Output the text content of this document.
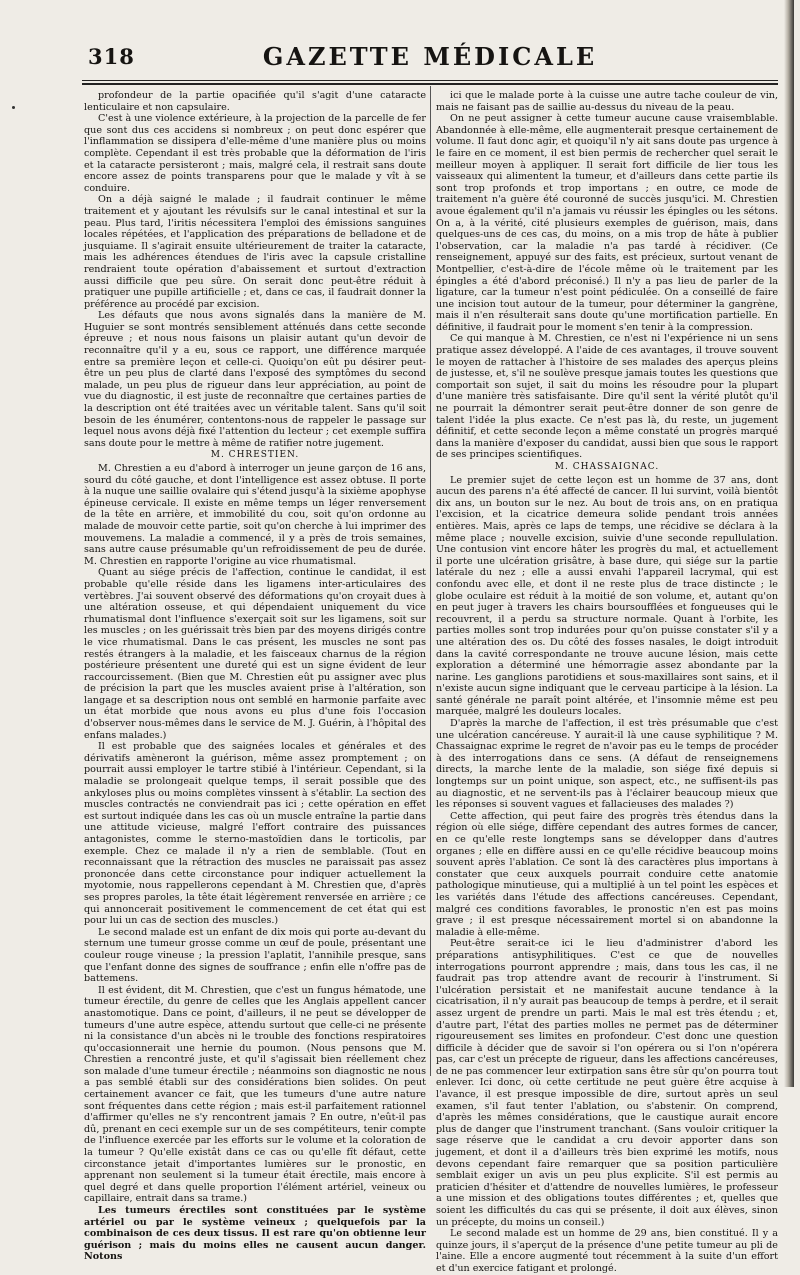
318	GAZETTE MÉDICALE

profondeur de la partie opacifiée qu'il s'agit d'une cataracte lenticulaire et non capsulaire.

C'est à une violence extérieure, à la projection de la parcelle de fer que sont dus ces accidens si nombreux ; on peut donc espérer que l'inflammation se dissipera d'elle-même d'une manière plus ou moins complète. Cependant il est très probable que la déformation de l'iris et la cataracte persisteront ; mais, malgré cela, il restrait sans doute encore assez de points transparens pour que le malade y vît à se conduire.

On a déjà saigné le malade ; il faudrait continuer le même traitement et y ajoutant les révulsifs sur le canal intestinal et sur la peau. Plus tard, l'iritis nécessitera l'emploi des émissions sanguines locales répétées, et l'application des préparations de belladone et de jusquiame. Il s'agirait ensuite ultérieurement de traiter la cataracte, mais les adhérences étendues de l'iris avec la capsule cristalline rendraient toute opération d'abaissement et surtout d'extraction aussi difficile que peu sûre. On serait donc peut-être réduit à pratiquer une pupille artificielle ; et, dans ce cas, il faudrait donner la préférence au procédé par excision.

Les défauts que nous avons signalés dans la manière de M. Huguier se sont montrés sensiblement atténués dans cette seconde épreuve ; et nous nous faisons un plaisir autant qu'un devoir de reconnaître qu'il y a eu, sous ce rapport, une différence marquée entre sa première leçon et celle-ci. Quoiqu'on eût pu désirer peut-être un peu plus de clarté dans l'exposé des symptômes du second malade, un peu plus de rigueur dans leur appréciation, au point de vue du diagnostic, il est juste de reconnaître que certaines parties de la description ont été traitées avec un véritable talent. Sans qu'il soit besoin de les énumérer, contentons-nous de rappeler le passage sur lequel nous avons déjà fixé l'attention du lecteur ; cet exemple suffira sans doute pour le mettre à même de ratifier notre jugement.

M. CHRESTIEN.

M. Chrestien a eu d'abord à interroger un jeune garçon de 16 ans, sourd du côté gauche, et dont l'intelligence est assez obtuse. Il porte à la nuque une saillie ovalaire qui s'étend jusqu'à la sixième apophyse épineuse cervicale. Il existe en même temps un léger renversement de la tête en arrière, et immobilité du cou, soit qu'on ordonne au malade de mouvoir cette partie, soit qu'on cherche à lui imprimer des mouvemens. La maladie a commencé, il y a près de trois semaines, sans autre cause présumable qu'un refroidissement de peu de durée. M. Chrestien en rapporte l'origine au vice rhumatismal.

Quant au siége précis de l'affection, continue le candidat, il est probable qu'elle réside dans les ligamens inter-articulaires des vertèbres. J'ai souvent observé des déformations qu'on croyait dues à une altération osseuse, et qui dépendaient uniquement du vice rhumatismal dont l'influence s'exerçait soit sur les ligamens, soit sur les muscles ; on les guérissait très bien par des moyens dirigés contre le vice rhumatismal. Dans le cas présent, les muscles ne sont pas restés étrangers à la maladie, et les faisceaux charnus de la région postérieure présentent une dureté qui est un signe évident de leur raccourcissement. (Bien que M. Chrestien eût pu assigner avec plus de précision la part que les muscles avaient prise à l'altération, son langage et sa description nous ont semblé en harmonie parfaite avec un état morbide que nous avons eu plus d'une fois l'occasion d'observer nous-mêmes dans le service de M. J. Guérin, à l'hôpital des enfans malades.)

Il est probable que des saignées locales et générales et des dérivatifs amèneront la guérison, même assez promptement ; on pourrait aussi employer le tartre stibié à l'intérieur. Cependant, si la maladie se prolongeait quelque temps, il serait possible que des ankyloses plus ou moins complètes vinssent à s'établir. La section des muscles contractés ne conviendrait pas ici ; cette opération en effet est surtout indiquée dans les cas où un muscle entraîne la partie dans une attitude vicieuse, malgré l'effort contraire des puissances antagonistes, comme le sterno-mastoïdien dans le torticolis, par exemple. Chez ce malade il n'y a rien de semblable. (Tout en reconnaissant que la rétraction des muscles ne paraissait pas assez prononcée dans cette circonstance pour indiquer actuellement la myotomie, nous rappellerons cependant à M. Chrestien que, d'après ses propres paroles, la tête était légèrement renversée en arrière ; ce qui annoncerait positivement le commencement de cet état qui est pour lui un cas de section des muscles.)

Le second malade est un enfant de dix mois qui porte au-devant du sternum une tumeur grosse comme un œuf de poule, présentant une couleur rouge vineuse ; la pression l'aplatit, l'annihile presque, sans que l'enfant donne des signes de souffrance ; enfin elle n'offre pas de battemens.

Il est évident, dit M. Chrestien, que c'est un fungus hématode, une tumeur érectile, du genre de celles que les Anglais appellent cancer anastomotique. Dans ce point, d'ailleurs, il ne peut se développer de tumeurs d'une autre espèce, attendu surtout que celle-ci ne présente ni la consistance d'un abcès ni le trouble des fonctions respiratoires qu'occasionnerait une hernie du poumon. (Nous pensons que M. Chrestien a rencontré juste, et qu'il s'agissait bien réellement chez son malade d'une tumeur érectile ; néanmoins son diagnostic ne nous a pas semblé établi sur des considérations bien solides. On peut certainement avancer ce fait, que les tumeurs d'une autre nature sont fréquentes dans cette région ; mais est-il parfaitement rationnel d'affirmer qu'elles ne s'y rencontrent jamais ? En outre, n'eût-il pas dû, prenant en ceci exemple sur un de ses compétiteurs, tenir compte de l'influence exercée par les efforts sur le volume et la coloration de la tumeur ? Qu'elle existât dans ce cas ou qu'elle fît défaut, cette circonstance jetait d'importantes lumières sur le pronostic, en apprenant non seulement si la tumeur était érectile, mais encore à quel degré et dans quelle proportion l'élément artériel, veineux ou capillaire, entrait dans sa trame.)

Les tumeurs érectiles sont constituées par le système artériel ou par le système veineux ; quelquefois par la combinaison de ces deux tissus. Il est rare qu'on obtienne leur guérison ; mais du moins elles ne causent aucun danger. Notons

ici que le malade porte à la cuisse une autre tache couleur de vin, mais ne faisant pas de saillie au-dessus du niveau de la peau.

On ne peut assigner à cette tumeur aucune cause vraisemblable. Abandonnée à elle-même, elle augmenterait presque certainement de volume. Il faut donc agir, et quoiqu'il n'y ait sans doute pas urgence à le faire en ce moment, il est bien permis de rechercher quel serait le meilleur moyen à appliquer. Il serait fort difficile de lier tous les vaisseaux qui alimentent la tumeur, et d'ailleurs dans cette partie ils sont trop profonds et trop importans ; en outre, ce mode de traitement n'a guère été couronné de succès jusqu'ici. M. Chrestien avoue également qu'il n'a jamais vu réussir les épingles ou les sétons. On a, à la vérité, cité plusieurs exemples de guérison, mais, dans quelques-uns de ces cas, du moins, on a mis trop de hâte à publier l'observation, car la maladie n'a pas tardé à récidiver. (Ce renseignement, appuyé sur des faits, est précieux, surtout venant de Montpellier, c'est-à-dire de l'école même où le traitement par les épingles a été d'abord préconisé.) Il n'y a pas lieu de parler de la ligature, car la tumeur n'est point pédiculée. On a conseillé de faire une incision tout autour de la tumeur, pour déterminer la gangrène, mais il n'en résulterait sans doute qu'une mortification partielle. En définitive, il faudrait pour le moment s'en tenir à la compression.

Ce qui manque à M. Chrestien, ce n'est ni l'expérience ni un sens pratique assez développé. A l'aide de ces avantages, il trouve souvent le moyen de rattacher à l'histoire de ses malades des aperçus pleins de justesse, et, s'il ne soulève presque jamais toutes les questions que comportait son sujet, il sait du moins les résoudre pour la plupart d'une manière très satisfaisante. Dire qu'il sent la vérité plutôt qu'il ne pourrait la démontrer serait peut-être donner de son genre de talent l'idée la plus exacte. Ce n'est pas là, du reste, un jugement définitif, et cette seconde leçon a même constaté un progrès marqué dans la manière d'exposer du candidat, aussi bien que sous le rapport de ses principes scientifiques.

M. CHASSAIGNAC.

Le premier sujet de cette leçon est un homme de 37 ans, dont aucun des parens n'a été affecté de cancer. Il lui survint, voilà bientôt dix ans, un bouton sur le nez. Au bout de trois ans, on en pratiqua l'excision, et la cicatrice demeura solide pendant trois années entières. Mais, après ce laps de temps, une récidive se déclara à la même place ; nouvelle excision, suivie d'une seconde repullulation. Une contusion vint encore hâter les progrès du mal, et actuellement il porte une ulcération grisâtre, à base dure, qui siége sur la partie latérale du nez ; elle a aussi envahi l'appareil lacrymal, qui est confondu avec elle, et dont il ne reste plus de trace distincte ; le globe oculaire est réduit à la moitié de son volume, et, autant qu'on en peut juger à travers les chairs boursoufflées et fongueuses qui le recouvrent, il a perdu sa structure normale. Quant à l'orbite, les parties molles sont trop indurées pour qu'on puisse constater s'il y a une altération des os. Du côté des fosses nasales, le doigt introduit dans la cavité correspondante ne trouve aucune lésion, mais cette exploration a déterminé une hémorragie assez abondante par la narine. Les ganglions parotidiens et sous-maxillaires sont sains, et il n'existe aucun signe indiquant que le cerveau participe à la lésion. La santé générale ne paraît point altérée, et l'insomnie même est peu marquée, malgré les douleurs locales.

D'après la marche de l'affection, il est très présumable que c'est une ulcération cancéreuse. Y aurait-il là une cause syphilitique ? M. Chassaignac exprime le regret de n'avoir pas eu le temps de procéder à des interrogations dans ce sens. (A défaut de renseignemens directs, la marche lente de la maladie, son siége fixé depuis si longtemps sur un point unique, son aspect, etc., ne suffisent-ils pas au diagnostic, et ne servent-ils pas à l'éclairer beaucoup mieux que les réponses si souvent vagues et fallacieuses des malades ?)

Cette affection, qui peut faire des progrès très étendus dans la région où elle siége, diffère cependant des autres formes de cancer, en ce qu'elle reste longtemps sans se développer dans d'autres organes ; elle en diffère aussi en ce qu'elle récidive beaucoup moins souvent après l'ablation. Ce sont là des caractères plus importans à constater que ceux auxquels pourrait conduire cette anatomie pathologique minutieuse, qui a multiplié à un tel point les espèces et les variétés dans l'étude des affections cancéreuses. Cependant, malgré ces conditions favorables, le pronostic n'en est pas moins grave ; il est presque nécessairement mortel si on abandonne la maladie à elle-même.

Peut-être serait-ce ici le lieu d'administrer d'abord les préparations antisyphilitiques. C'est ce que de nouvelles interrogations pourront apprendre ; mais, dans tous les cas, il ne faudrait pas trop attendre avant de recourir à l'instrument. Si l'ulcération persistait et ne manifestait aucune tendance à la cicatrisation, il n'y aurait pas beaucoup de temps à perdre, et il serait assez urgent de prendre un parti. Mais le mal est très étendu ; et, d'autre part, l'état des parties molles ne permet pas de déterminer rigoureusement ses limites en profondeur. C'est donc une question difficile à décider que de savoir si l'on opérera ou si l'on n'opérera pas, car c'est un précepte de rigueur, dans les affections cancéreuses, de ne pas commencer leur extirpation sans être sûr qu'on pourra tout enlever. Ici donc, où cette certitude ne peut guère être acquise à l'avance, il est presque impossible de dire, surtout après un seul examen, s'il faut tenter l'ablation, ou s'abstenir. On comprend, d'après les mêmes considérations, que le caustique aurait encore plus de danger que l'instrument tranchant. (Sans vouloir critiquer la sage réserve que le candidat a cru devoir apporter dans son jugement, et dont il a d'ailleurs très bien exprimé les motifs, nous devons cependant faire remarquer que sa position particulière semblait exiger un avis un peu plus explicite. S'il est permis au praticien d'hésiter et d'attendre de nouvelles lumières, le professeur a une mission et des obligations toutes différentes ; et, quelles que soient les difficultés du cas qui se présente, il doit aux élèves, sinon un précepte, du moins un conseil.)

Le second malade est un homme de 29 ans, bien constitué. Il y a quinze jours, il s'aperçut de la présence d'une petite tumeur au pli de l'aine. Elle a encore augmenté tout récemment à la suite d'un effort et d'un exercice fatigant et prolongé.
